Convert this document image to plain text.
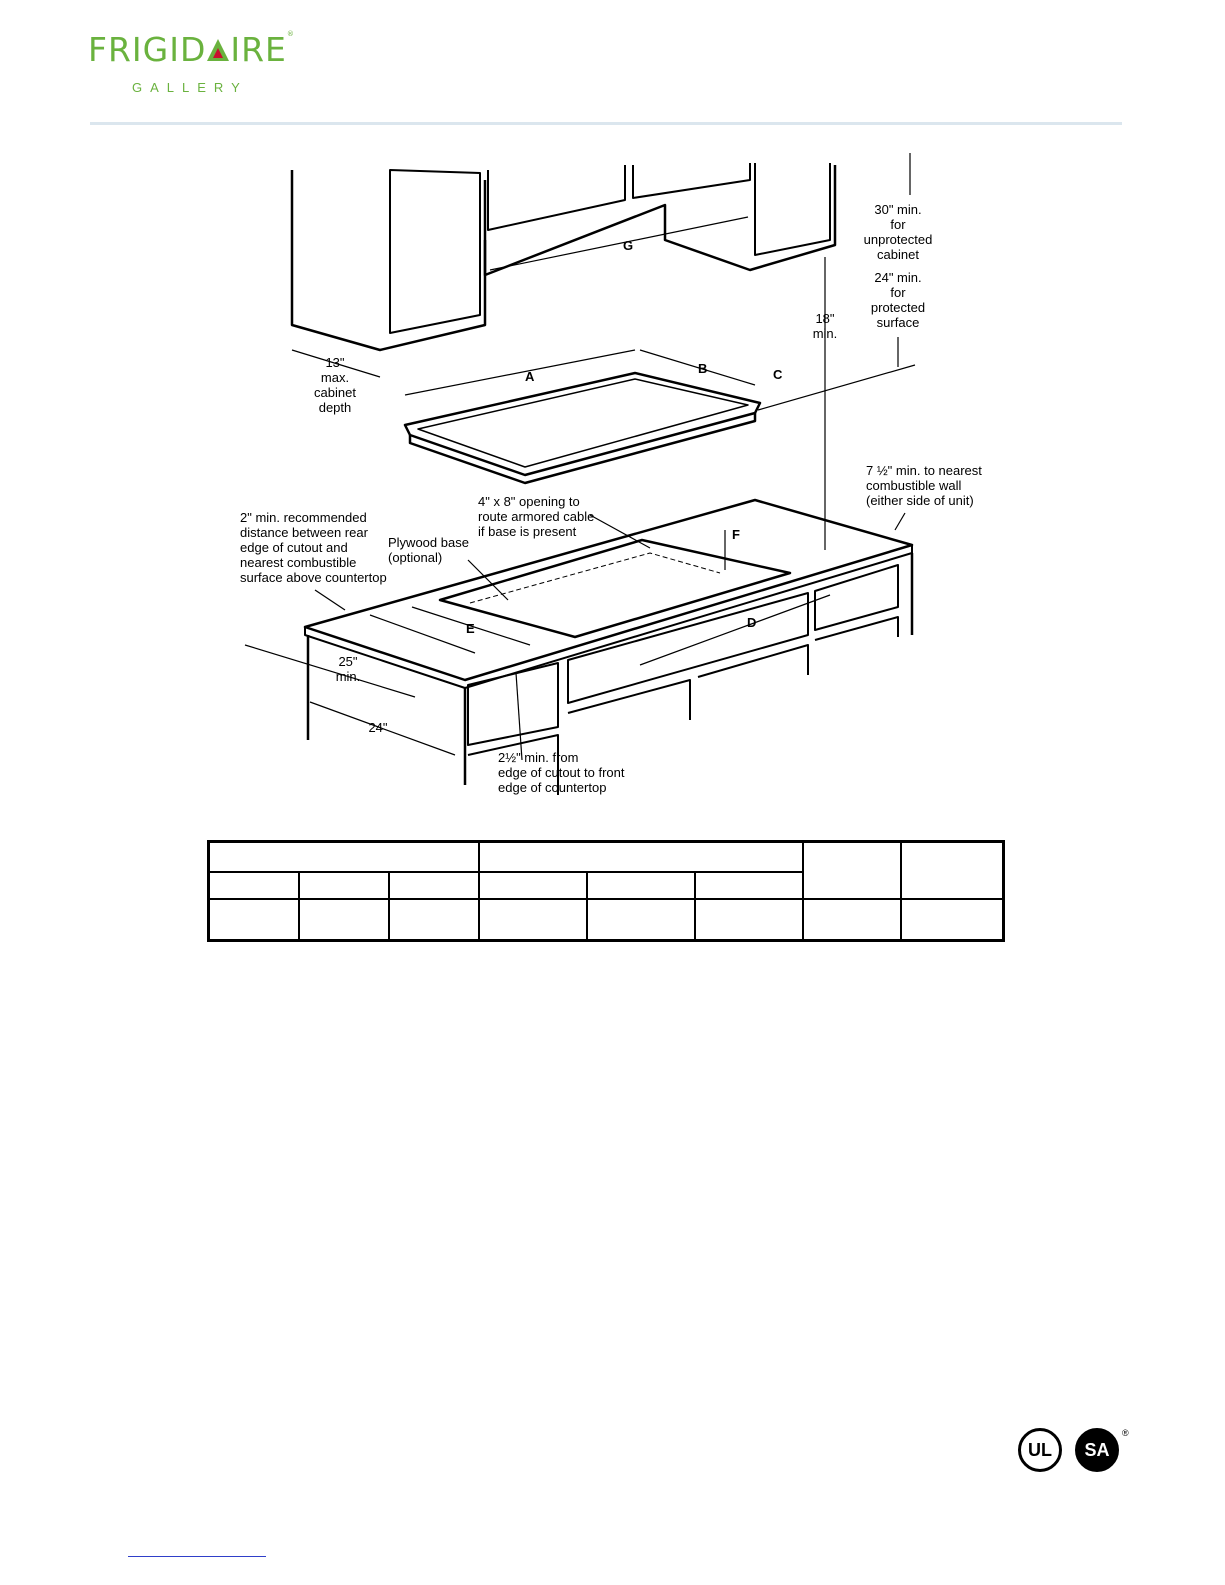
FRIGID IRE®
GALLERY
G
A
B	C
D
E
F
30" min.
for
unprotected
cabinet
24" min.
for
protected
surface
18"
min.
13"
max.
cabinet
depth
7 ½" min. to nearest
combustible wall
(either side of unit)
4" x 8" opening to
route armored cable
if base is present
2" min. recommended
distance between rear
edge of cutout and
nearest combustible
surface above countertop
Plywood base
(optional)
25"
min.
24"
2½" min. from
edge of cutout to front
edge of countertop

UL	SA
®
